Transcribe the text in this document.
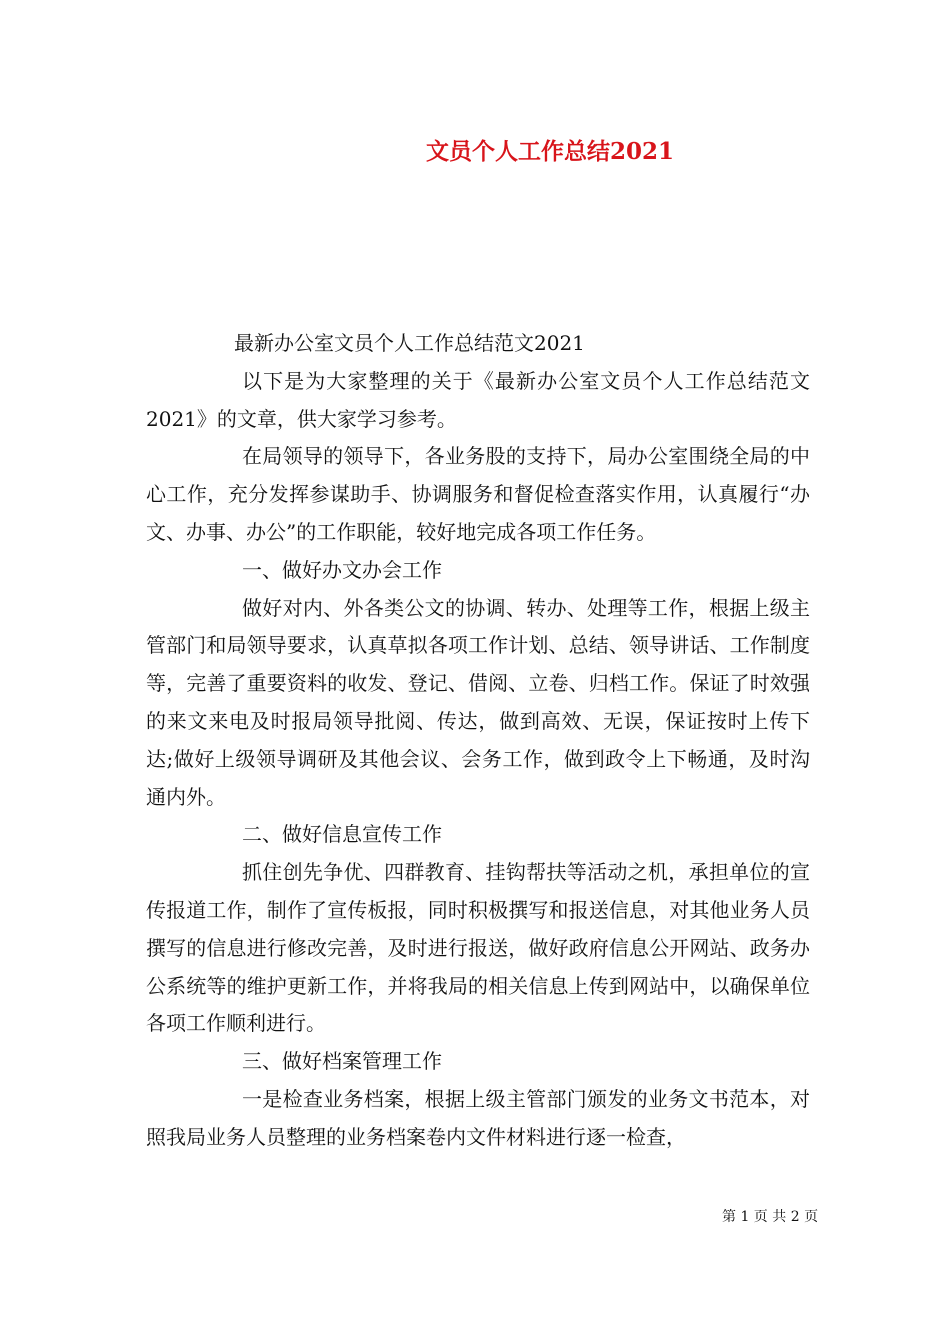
文员个人工作总结2021

最新办公室文员个人工作总结范文2021

以下是为大家整理的关于《最新办公室文员个人工作总结范文2021》的文章，供大家学习参考。

在局领导的领导下，各业务股的支持下，局办公室围绕全局的中心工作，充分发挥参谋助手、协调服务和督促检查落实作用，认真履行“办文、办事、办公”的工作职能，较好地完成各项工作任务。

一、做好办文办会工作

做好对内、外各类公文的协调、转办、处理等工作，根据上级主管部门和局领导要求，认真草拟各项工作计划、总结、领导讲话、工作制度等，完善了重要资料的收发、登记、借阅、立卷、归档工作。保证了时效强的来文来电及时报局领导批阅、传达，做到高效、无误，保证按时上传下达;做好上级领导调研及其他会议、会务工作，做到政令上下畅通，及时沟通内外。

二、做好信息宣传工作

抓住创先争优、四群教育、挂钩帮扶等活动之机，承担单位的宣传报道工作，制作了宣传板报，同时积极撰写和报送信息，对其他业务人员撰写的信息进行修改完善，及时进行报送，做好政府信息公开网站、政务办公系统等的维护更新工作，并将我局的相关信息上传到网站中，以确保单位各项工作顺利进行。

三、做好档案管理工作

一是检查业务档案，根据上级主管部门颁发的业务文书范本，对照我局业务人员整理的业务档案卷内文件材料进行逐一检查，

第 1 页 共 2 页
